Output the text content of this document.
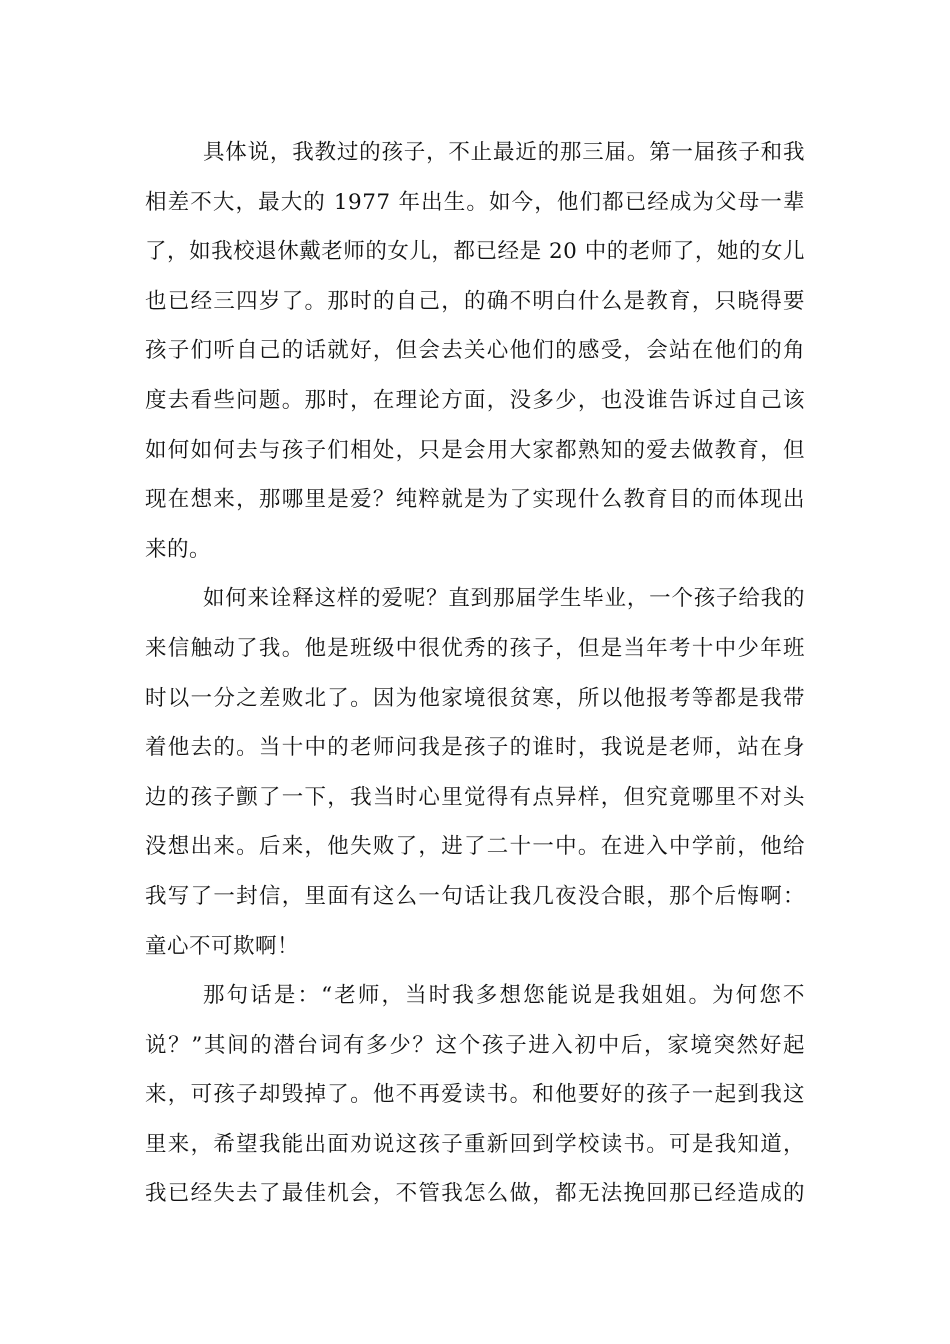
具体说，我教过的孩子，不止最近的那三届。第一届孩子和我
相差不大，最大的 1977 年出生。如今，他们都已经成为父母一辈
了，如我校退休戴老师的女儿，都已经是 20 中的老师了，她的女儿
也已经三四岁了。那时的自己，的确不明白什么是教育，只晓得要
孩子们听自己的话就好，但会去关心他们的感受，会站在他们的角
度去看些问题。那时，在理论方面，没多少，也没谁告诉过自己该
如何如何去与孩子们相处，只是会用大家都熟知的爱去做教育，但
现在想来，那哪里是爱？纯粹就是为了实现什么教育目的而体现出
来的。
如何来诠释这样的爱呢？直到那届学生毕业，一个孩子给我的
来信触动了我。他是班级中很优秀的孩子，但是当年考十中少年班
时以一分之差败北了。因为他家境很贫寒，所以他报考等都是我带
着他去的。当十中的老师问我是孩子的谁时，我说是老师，站在身
边的孩子颤了一下，我当时心里觉得有点异样，但究竟哪里不对头
没想出来。后来，他失败了，进了二十一中。在进入中学前，他给
我写了一封信，里面有这么一句话让我几夜没合眼，那个后悔啊：
童心不可欺啊！
那句话是：“老师，当时我多想您能说是我姐姐。为何您不
说？”其间的潜台词有多少？这个孩子进入初中后，家境突然好起
来，可孩子却毁掉了。他不再爱读书。和他要好的孩子一起到我这
里来，希望我能出面劝说这孩子重新回到学校读书。可是我知道，
我已经失去了最佳机会，不管我怎么做，都无法挽回那已经造成的
